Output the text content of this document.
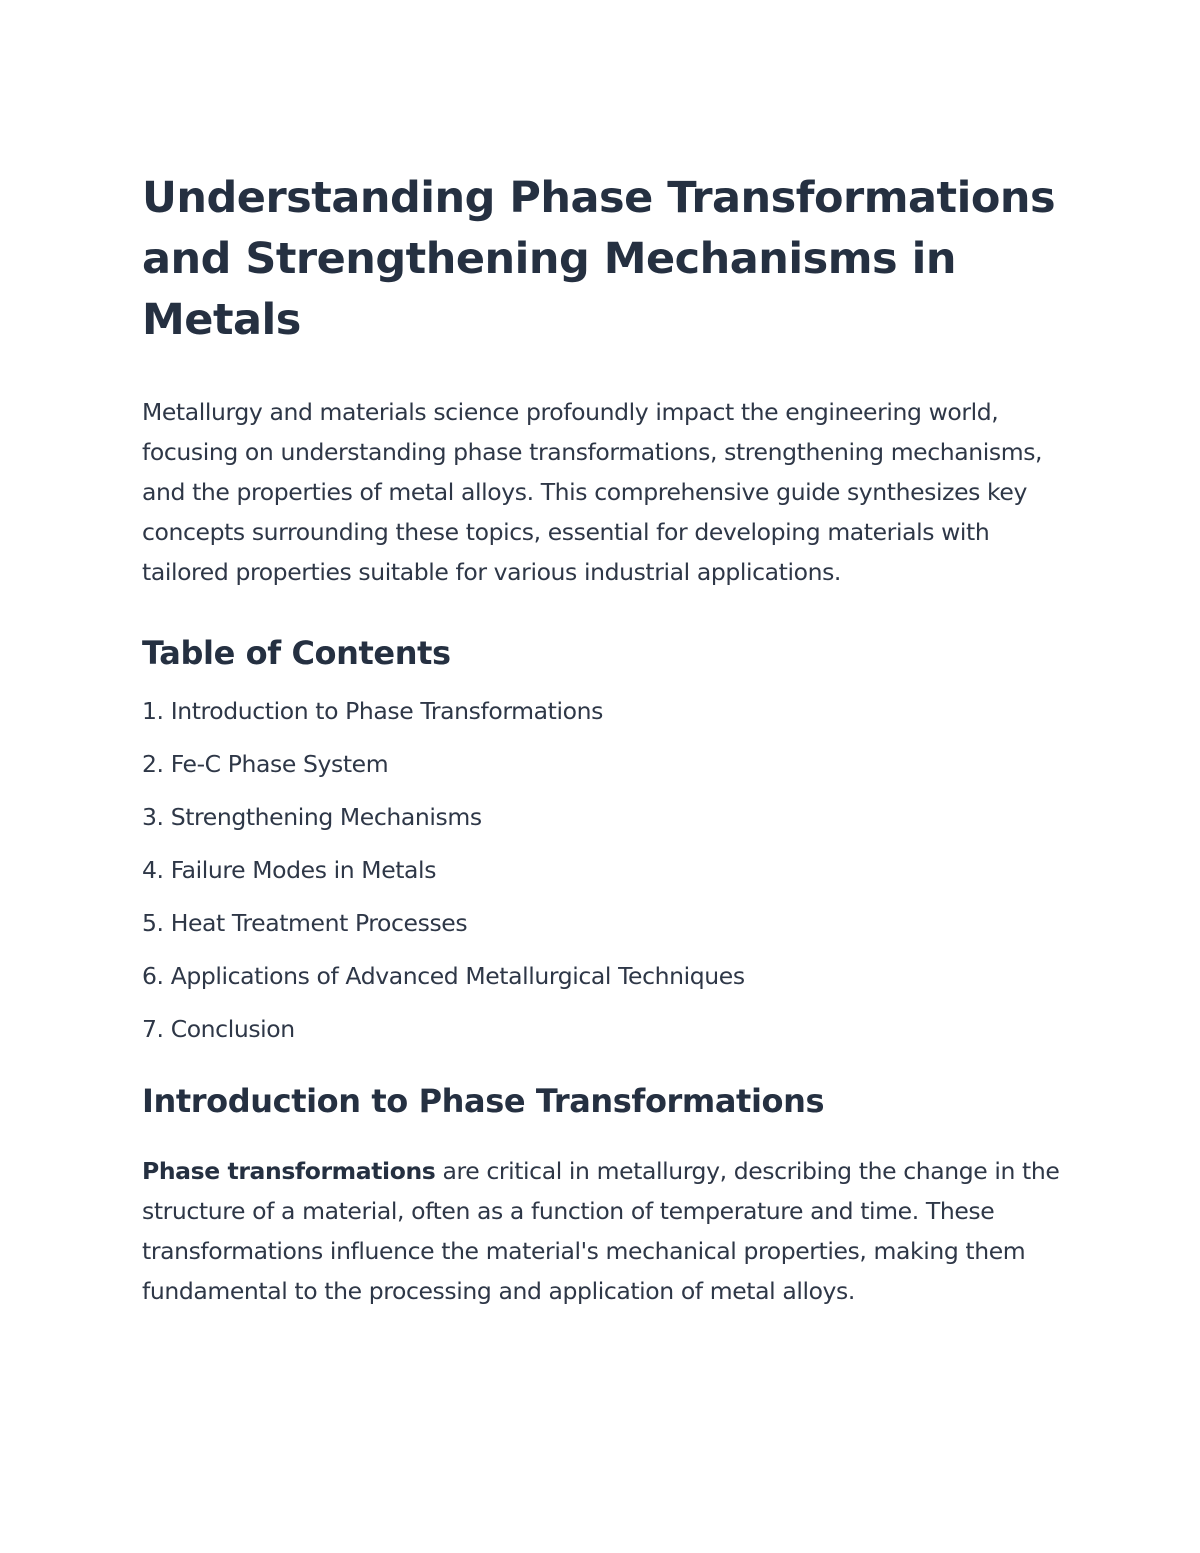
Understanding Phase Transformations and Strengthening Mechanisms in Metals

Metallurgy and materials science profoundly impact the engineering world, focusing on understanding phase transformations, strengthening mechanisms, and the properties of metal alloys. This comprehensive guide synthesizes key concepts surrounding these topics, essential for developing materials with tailored properties suitable for various industrial applications.

Table of Contents
1. Introduction to Phase Transformations
2. Fe-C Phase System
3. Strengthening Mechanisms
4. Failure Modes in Metals
5. Heat Treatment Processes
6. Applications of Advanced Metallurgical Techniques
7. Conclusion
Introduction to Phase Transformations

Phase transformations are critical in metallurgy, describing the change in the structure of a material, often as a function of temperature and time. These transformations influence the material's mechanical properties, making them fundamental to the processing and application of metal alloys.
